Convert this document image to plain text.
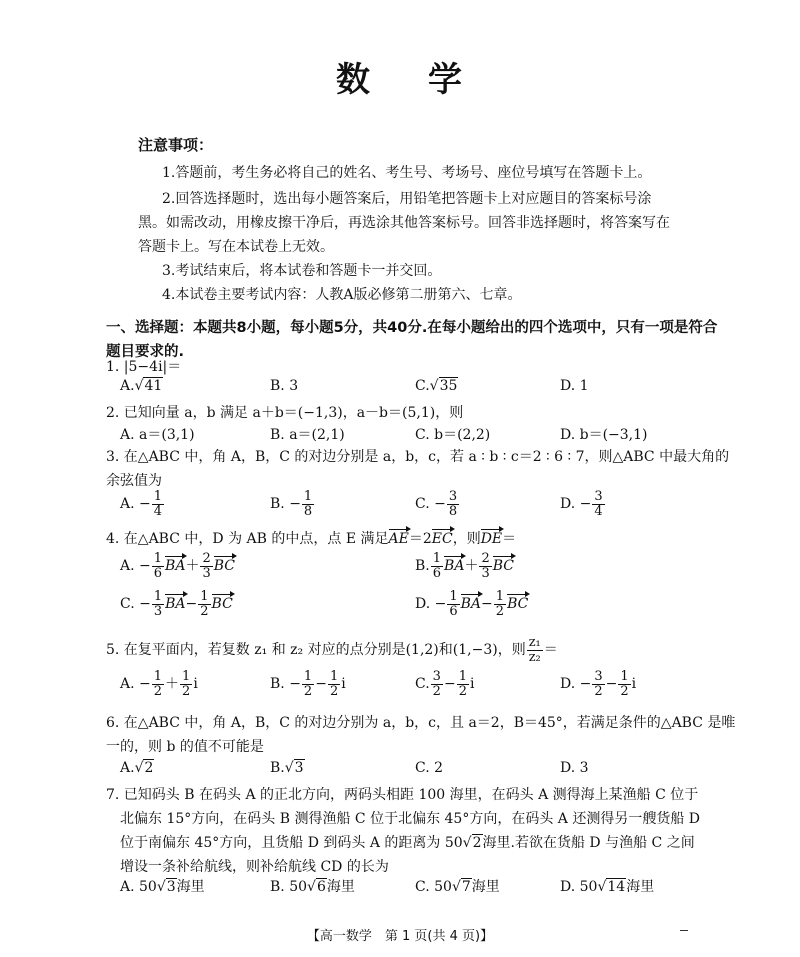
数 学
注意事项：
1.答题前，考生务必将自己的姓名、考生号、考场号、座位号填写在答题卡上。
2.回答选择题时，选出每小题答案后，用铅笔把答题卡上对应题目的答案标号涂
黑。如需改动，用橡皮擦干净后，再选涂其他答案标号。回答非选择题时，将答案写在
答题卡上。写在本试卷上无效。
3.考试结束后，将本试卷和答题卡一并交回。
4.本试卷主要考试内容：人教A版必修第二册第六、七章。
一、选择题：本题共8小题，每小题5分，共40分.在每小题给出的四个选项中，只有一项是符合
题目要求的.
1. |5−4i|＝
A.√41	B. 3	C.√35	D. 1
2. 已知向量 a，b 满足 a＋b＝(−1,3)，a－b＝(5,1)，则
A. a＝(3,1)	B. a＝(2,1)	C. b＝(2,2)	D. b＝(−3,1)
3. 在△ABC 中，角 A，B，C 的对边分别是 a，b，c，若 a ∶ b ∶ c＝2 ∶ 6 ∶ 7，则△ABC 中最大角的
余弦值为
A. − $\frac{1}{4}$	B. − $\frac{1}{8}$	C. − $\frac{3}{8}$	D. − $\frac{3}{4}$
4. 在△ABC 中，D 为 AB 的中点，点 E 满足AE＝2EC，则DE＝
A. − $\frac{1}{6} BA+ \frac{2}{3}$ BC	B. $\frac{1}{6} BA+ \frac{2}{3}$ BC
C. − $\frac{1}{3} BA- \frac{1}{2}$ BC	D. − $\frac{1}{6} BA- \frac{1}{2}$ BC
5. 在复平面内，若复数 z₁ 和 z₂ 对应的点分别是(1,2)和(1,−3)，则 $\frac{\text{z₁}}{\text{z₂}}$ ＝
A. − $\frac{1}{2} + \frac{1}{2}$ i	B. − $\frac{1}{2} - \frac{1}{2}$ i	C. $\frac{3}{2} - \frac{1}{2}$ i	D. − $\frac{3}{2} - \frac{1}{2}$ i
6. 在△ABC 中，角 A，B，C 的对边分别为 a，b，c，且 a＝2，B＝45°，若满足条件的△ABC 是唯
一的，则 b 的值不可能是
A.√2	B.√3	C. 2	D. 3
7. 已知码头 B 在码头 A 的正北方向，两码头相距 100 海里，在码头 A 测得海上某渔船 C 位于
北偏东 15°方向，在码头 B 测得渔船 C 位于北偏东 45°方向，在码头 A 还测得另一艘货船 D
位于南偏东 45°方向，且货船 D 到码头 A 的距离为 50√2海里.若欲在货船 D 与渔船 C 之间
增设一条补给航线，则补给航线 CD 的长为
A. 50√3海里	B. 50√6海里	C. 50√7海里	D. 50√14海里
【高一数学　第 1 页(共 4 页)】
